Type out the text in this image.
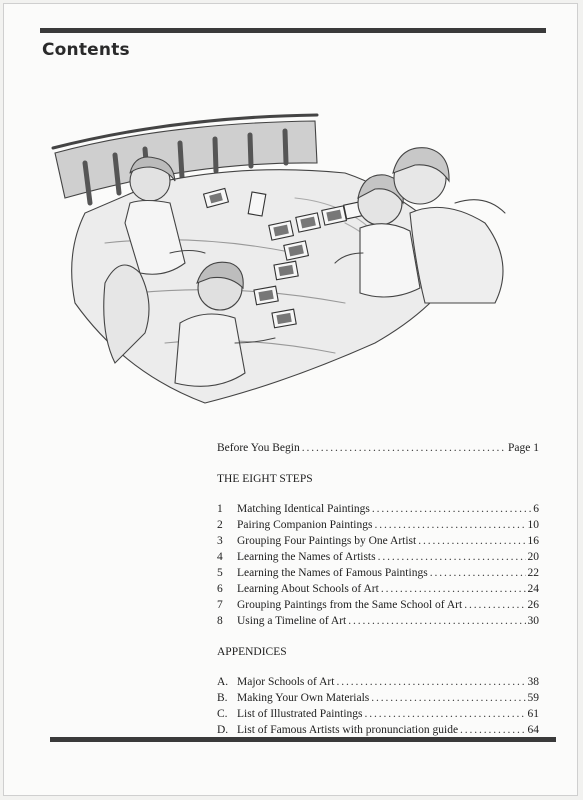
Contents
Before You Begin . . .	Page 1
THE EIGHT STEPS
1	Matching Identical Paintings . . .	6
2	Pairing Companion Paintings . . .	10
3	Grouping Four Paintings by One Artist . . .	16
4	Learning the Names of Artists . . .	20
5	Learning the Names of Famous Paintings . . .	22
6	Learning About Schools of Art . . .	24
7	Grouping Paintings from the Same School of Art . . .	26
8	Using a Timeline of Art . . .	30
APPENDICES
A. Major Schools of Art . . .	38
B. Making Your Own Materials . . .	59
C. List of Illustrated Paintings . . .	61
D. List of Famous Artists with pronunciation guide . . .	64
